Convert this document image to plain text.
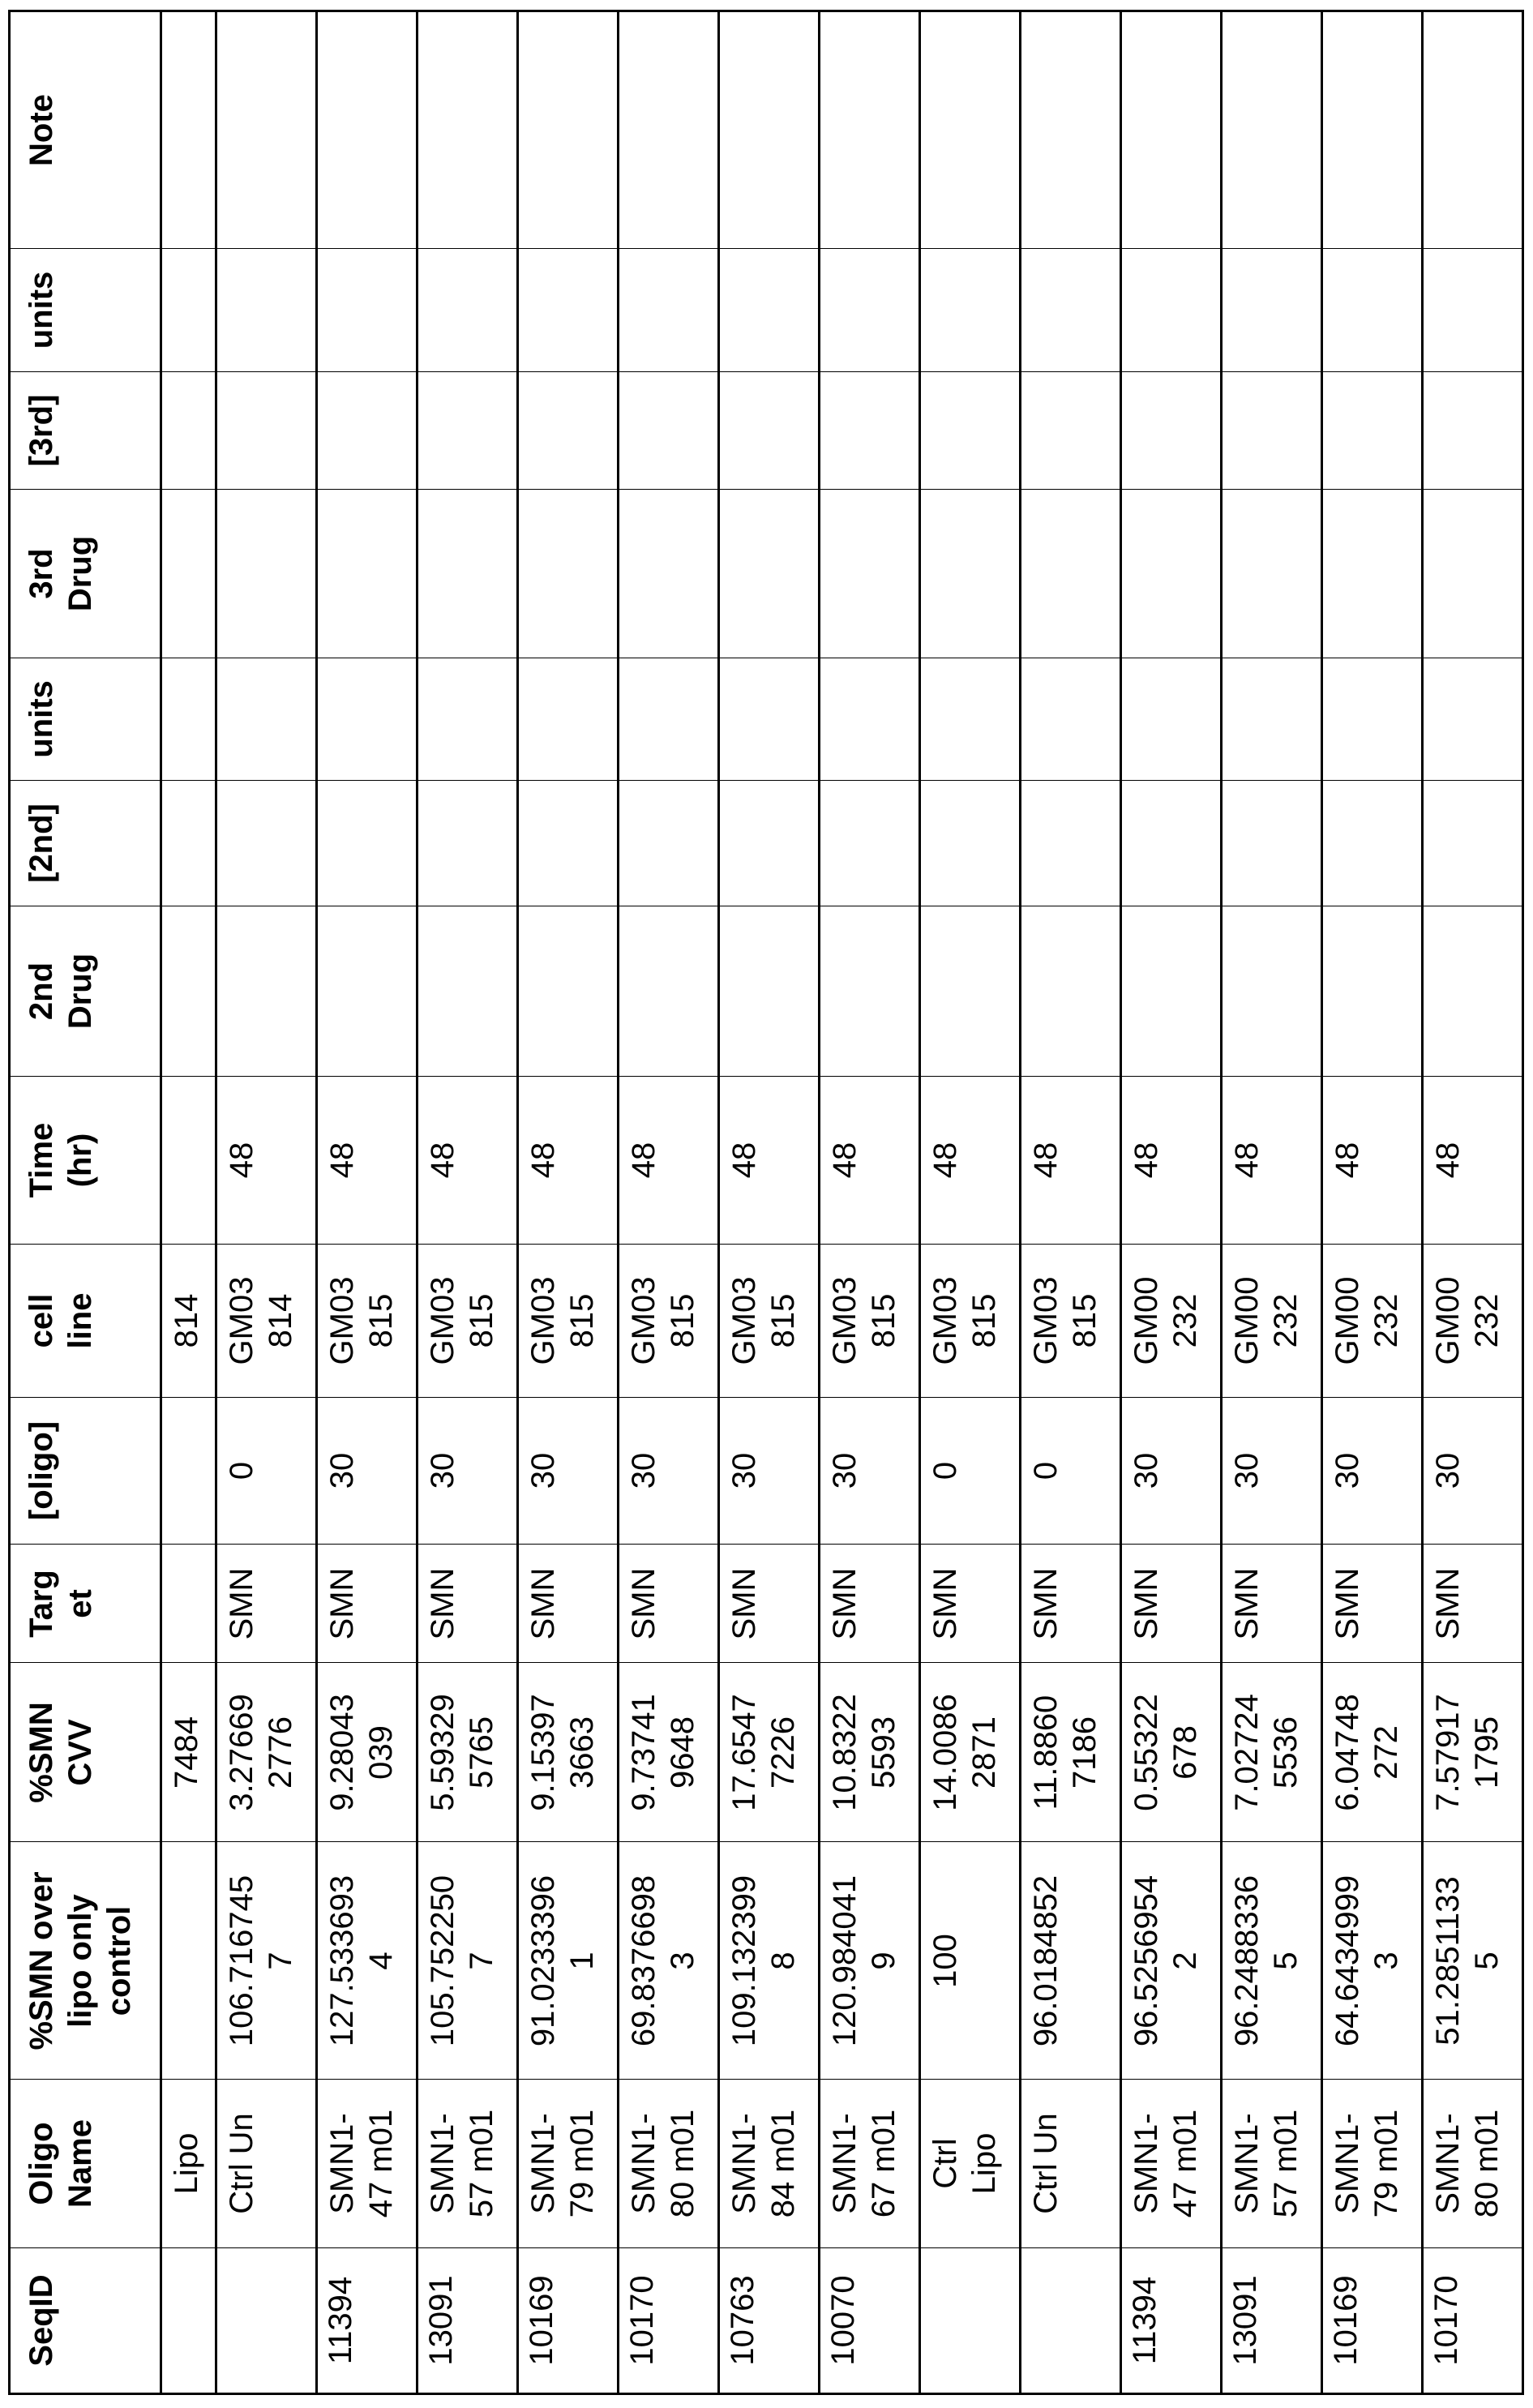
SeqID	Oligo Name	%SMN over lipo only control	%SMN CVV	Target	[oligo]	cell line	Time (hr)	2nd Drug	[2nd]	units	3rd Drug	[3rd]	units	Note
	Lipo		7484			814								
	Ctrl Un	106.7167457	3.276692776	SMN	0	GM03814	48							
11394	SMN1-47 m01	127.5336934	9.28043039	SMN	30	GM03815	48							
13091	SMN1-57 m01	105.7522507	5.593295765	SMN	30	GM03815	48							
10169	SMN1-79 m01	91.02333961	9.153973663	SMN	30	GM03815	48							
10170	SMN1-80 m01	69.83766983	9.737419648	SMN	30	GM03815	48							
10763	SMN1-84 m01	109.1323998	17.65477226	SMN	30	GM03815	48							
10070	SMN1-67 m01	120.9840419	10.83225593	SMN	30	GM03815	48							
	Ctrl Lipo	100	14.00862871	SMN	0	GM03815	48							
	Ctrl Un	96.0184852	11.88607186	SMN	0	GM03815	48							
11394	SMN1-47 m01	96.52569542	0.55322678	SMN	30	GM00232	48							
13091	SMN1-57 m01	96.24883365	7.027245536	SMN	30	GM00232	48							
10169	SMN1-79 m01	64.64349993	6.04748272	SMN	30	GM00232	48							
10170	SMN1-80 m01	51.28511335	7.579171795	SMN	30	GM00232	48							
